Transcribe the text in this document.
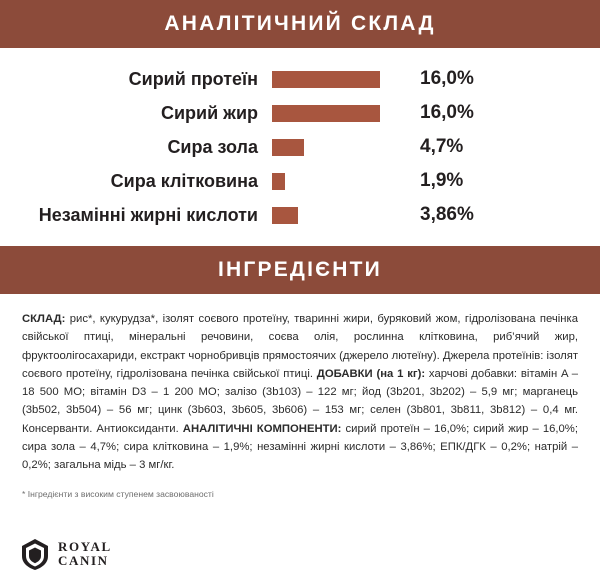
АНАЛІТИЧНИЙ СКЛАД
Сирий протеїн	16,0%
Сирий жир	16,0%
Сира зола	4,7%
Сира клітковина	1,9%
Незамінні жирні кислоти	3,86%
ІНГРЕДІЄНТИ
СКЛАД: рис*, кукурудза*, ізолят соєвого протеїну, тваринні жири, буряковий жом, гідролізована печінка свійської птиці, мінеральні речовини, соєва олія, рослинна клітковина, риб’ячий жир, фруктоолігосахариди, екстракт чорнобривців прямостоячих (джерело лютеїну). Джерела протеїнів: ізолят соєвого протеїну, гідролізована печінка свійської птиці. ДОБАВКИ (на 1 кг): харчові добавки: вітамін A – 18 500 МО; вітамін D3 – 1 200 МО; залізо (3b103) – 122 мг; йод (3b201, 3b202) – 5,9 мг; марганець (3b502, 3b504) – 56 мг; цинк (3b603, 3b605, 3b606) – 153 мг; селен (3b801, 3b811, 3b812) – 0,4 мг. Консерванти. Антиоксиданти. АНАЛІТИЧНІ КОМПОНЕНТИ: сирий протеїн – 16,0%; сирий жир – 16,0%; сира зола – 4,7%; сира клітковина – 1,9%; незамінні жирні кислоти – 3,86%; ЕПК/ДГК – 0,2%; натрій – 0,2%; загальна мідь – 3 мг/кг.
* Інгредієнти з високим ступенем засвоюваності
ROYAL
CANIN
